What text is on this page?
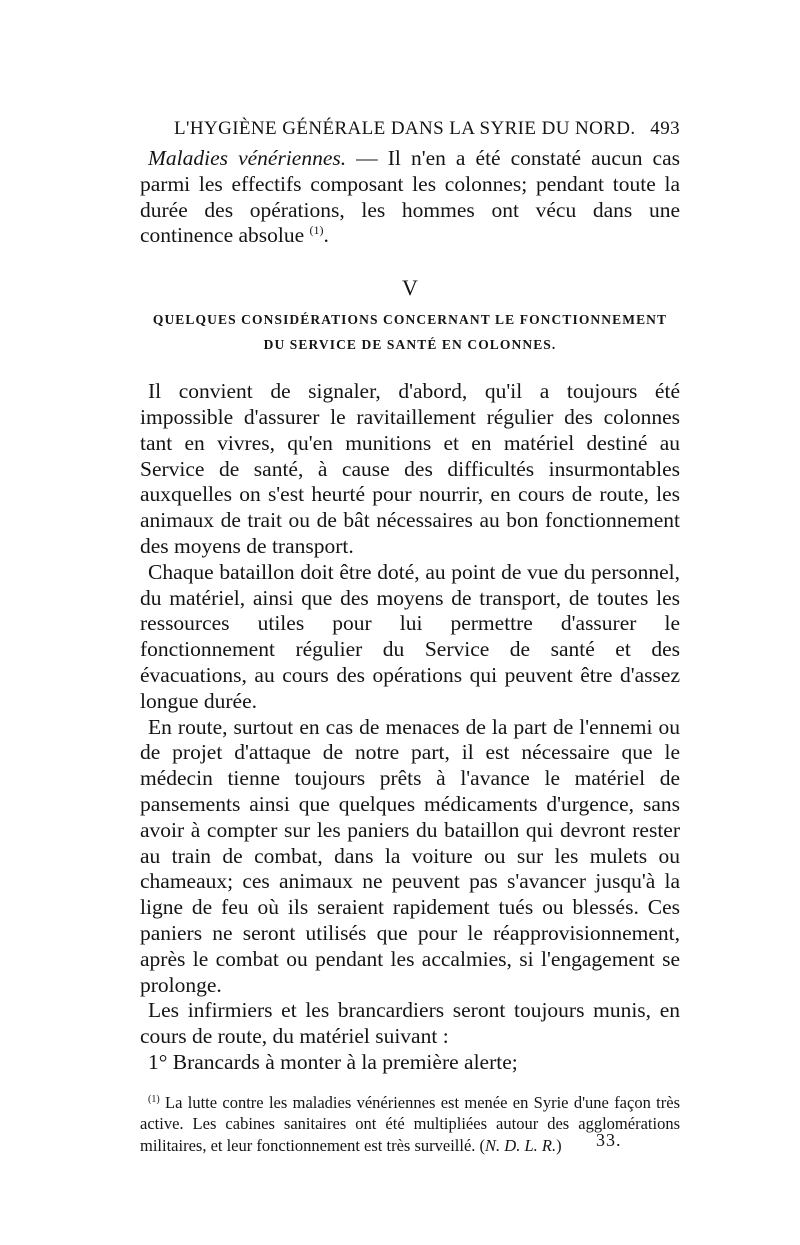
L'HYGIÈNE GÉNÉRALE DANS LA SYRIE DU NORD. 493

Maladies vénériennes. — Il n'en a été constaté aucun cas parmi les effectifs composant les colonnes; pendant toute la durée des opérations, les hommes ont vécu dans une continence absolue $^{(1)}$.

V
QUELQUES CONSIDÉRATIONS CONCERNANT LE FONCTIONNEMENT
DU SERVICE DE SANTÉ EN COLONNES.

Il convient de signaler, d'abord, qu'il a toujours été impossible d'assurer le ravitaillement régulier des colonnes tant en vivres, qu'en munitions et en matériel destiné au Service de santé, à cause des difficultés insurmontables auxquelles on s'est heurté pour nourrir, en cours de route, les animaux de trait ou de bât nécessaires au bon fonctionnement des moyens de transport.

Chaque bataillon doit être doté, au point de vue du personnel, du matériel, ainsi que des moyens de transport, de toutes les ressources utiles pour lui permettre d'assurer le fonctionnement régulier du Service de santé et des évacuations, au cours des opérations qui peuvent être d'assez longue durée.

En route, surtout en cas de menaces de la part de l'ennemi ou de projet d'attaque de notre part, il est nécessaire que le médecin tienne toujours prêts à l'avance le matériel de pansements ainsi que quelques médicaments d'urgence, sans avoir à compter sur les paniers du bataillon qui devront rester au train de combat, dans la voiture ou sur les mulets ou chameaux; ces animaux ne peuvent pas s'avancer jusqu'à la ligne de feu où ils seraient rapidement tués ou blessés. Ces paniers ne seront utilisés que pour le réapprovisionnement, après le combat ou pendant les accalmies, si l'engagement se prolonge.

Les infirmiers et les brancardiers seront toujours munis, en cours de route, du matériel suivant :

1° Brancards à monter à la première alerte;

$^{(1)}$ La lutte contre les maladies vénériennes est menée en Syrie d'une façon très active. Les cabines sanitaires ont été multipliées autour des agglomérations militaires, et leur fonctionnement est très surveillé. (N. D. L. R.)	33.
